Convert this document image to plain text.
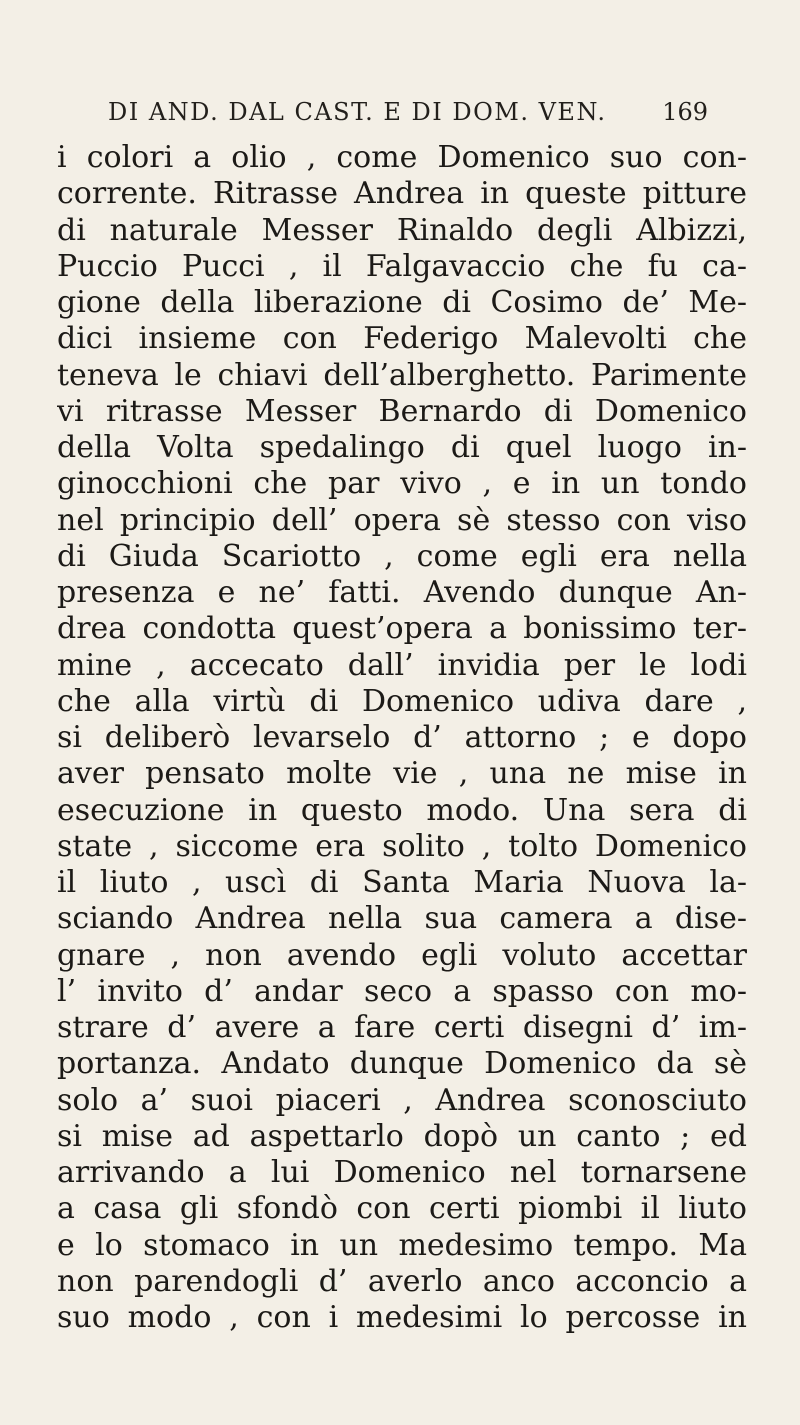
DI AND. DAL CAST. E DI DOM. VEN. 169
i colori a olio , come Domenico suo con-
corrente. Ritrasse Andrea in queste pitture
di naturale Messer Rinaldo degli Albizzi,
Puccio Pucci , il Falgavaccio che fu ca-
gione della liberazione di Cosimo de’ Me-
dici insieme con Federigo Malevolti che
teneva le chiavi dell’alberghetto. Parimente
vi ritrasse Messer Bernardo di Domenico
della Volta spedalingo di quel luogo in-
ginocchioni che par vivo , e in un tondo
nel principio dell’ opera sè stesso con viso
di Giuda Scariotto , come egli era nella
presenza e ne’ fatti. Avendo dunque An-
drea condotta quest’opera a bonissimo ter-
mine , accecato dall’ invidia per le lodi
che alla virtù di Domenico udiva dare ,
si deliberò levarselo d’ attorno ; e dopo
aver pensato molte vie , una ne mise in
esecuzione in questo modo. Una sera di
state , siccome era solito , tolto Domenico
il liuto , uscì di Santa Maria Nuova la-
sciando Andrea nella sua camera a dise-
gnare , non avendo egli voluto accettar
l’ invito d’ andar seco a spasso con mo-
strare d’ avere a fare certi disegni d’ im-
portanza. Andato dunque Domenico da sè
solo a’ suoi piaceri , Andrea sconosciuto
si mise ad aspettarlo dopò un canto ; ed
arrivando a lui Domenico nel tornarsene
a casa gli sfondò con certi piombi il liuto
e lo stomaco in un medesimo tempo. Ma
non parendogli d’ averlo anco acconcio a
suo modo , con i medesimi lo percosse in
